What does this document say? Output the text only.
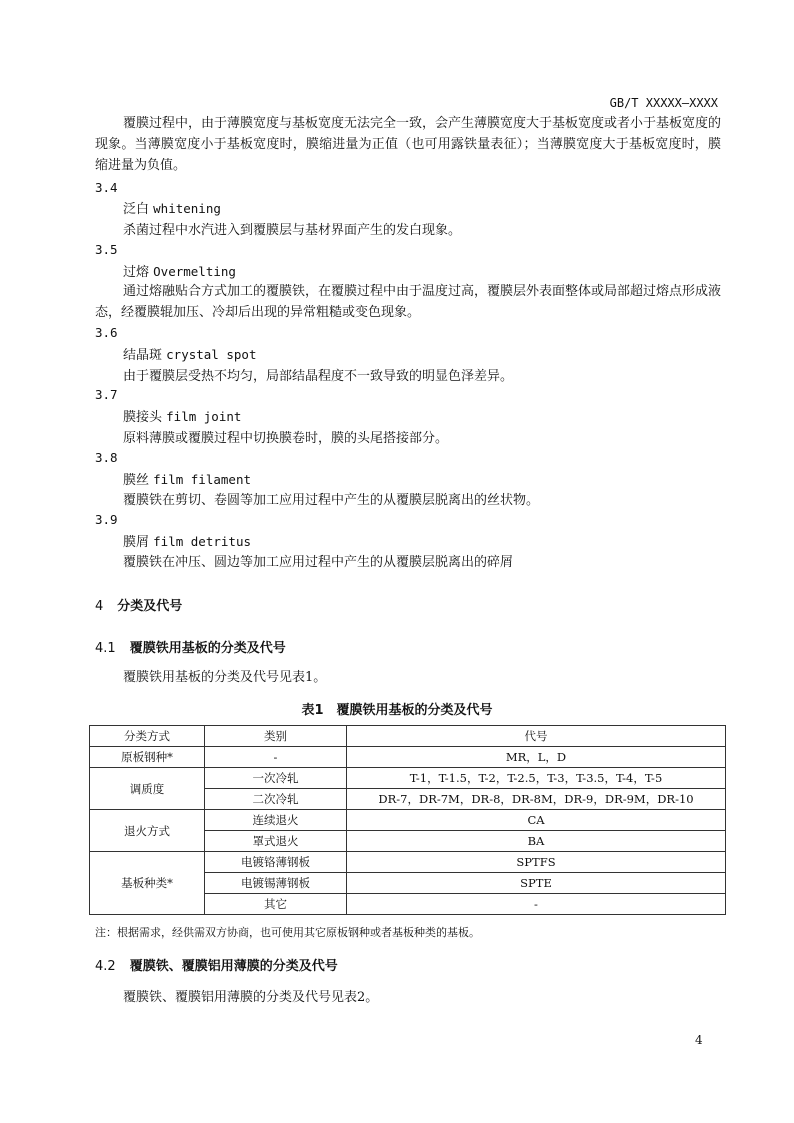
GB/T XXXXX—XXXX
覆膜过程中，由于薄膜宽度与基板宽度无法完全一致，会产生薄膜宽度大于基板宽度或者小于基板宽度的现象。当薄膜宽度小于基板宽度时，膜缩进量为正值（也可用露铁量表征）；当薄膜宽度大于基板宽度时，膜缩进量为负值。
3.4
泛白 whitening
杀菌过程中水汽进入到覆膜层与基材界面产生的发白现象。
3.5
过熔 Overmelting
通过熔融贴合方式加工的覆膜铁，在覆膜过程中由于温度过高，覆膜层外表面整体或局部超过熔点形成液态，经覆膜辊加压、冷却后出现的异常粗糙或变色现象。
3.6
结晶斑 crystal spot
由于覆膜层受热不均匀，局部结晶程度不一致导致的明显色泽差异。
3.7
膜接头 film joint
原料薄膜或覆膜过程中切换膜卷时，膜的头尾搭接部分。
3.8
膜丝 film filament
覆膜铁在剪切、卷圆等加工应用过程中产生的从覆膜层脱离出的丝状物。
3.9
膜屑 film detritus
覆膜铁在冲压、圆边等加工应用过程中产生的从覆膜层脱离出的碎屑
4 分类及代号
4.1 覆膜铁用基板的分类及代号
覆膜铁用基板的分类及代号见表1。
表1　覆膜铁用基板的分类及代号
分类方式	类别	代号
原板钢种*	-	MR，L，D
调质度	一次冷轧	T-1，T-1.5，T-2，T-2.5，T-3，T-3.5，T-4，T-5
	二次冷轧	DR-7，DR-7M，DR-8，DR-8M，DR-9，DR-9M，DR-10
退火方式	连续退火	CA
	罩式退火	BA
基板种类*	电镀铬薄钢板	SPTFS
	电镀锡薄钢板	SPTE
	其它	-
注：根据需求，经供需双方协商，也可使用其它原板钢种或者基板种类的基板。
4.2 覆膜铁、覆膜铝用薄膜的分类及代号
覆膜铁、覆膜铝用薄膜的分类及代号见表2。
4
